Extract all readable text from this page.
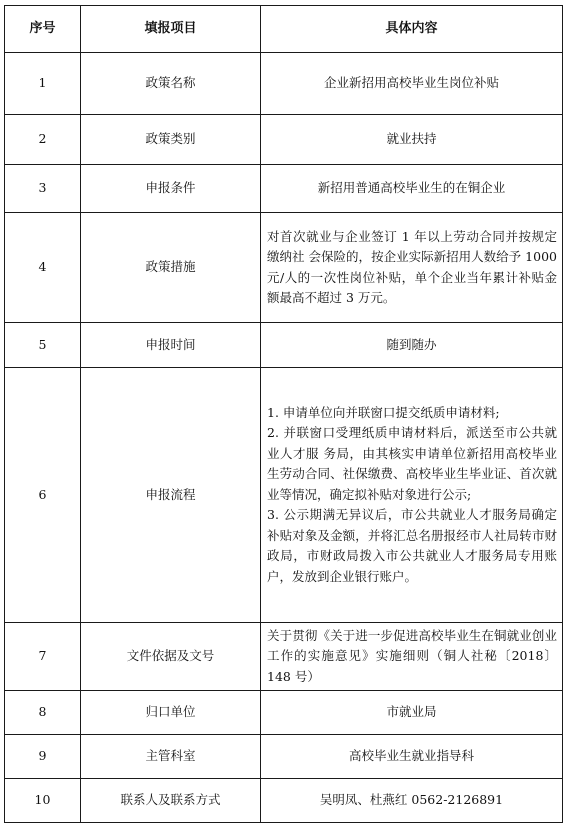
序号	填报项目	具体内容
1	政策名称	企业新招用高校毕业生岗位补贴
2	政策类别	就业扶持
3	申报条件	新招用普通高校毕业生的在铜企业
4	政策措施	对首次就业与企业签订 1 年以上劳动合同并按规定缴纳社 会保险的，按企业实际新招用人数给予 1000 元/人的一次性岗位补贴，单个企业当年累计补贴金额最高不超过 3 万元。
5	申报时间	随到随办
6	申报流程	1. 申请单位向并联窗口提交纸质申请材料;
2. 并联窗口受理纸质申请材料后，派送至市公共就业人才服 务局，由其核实申请单位新招用高校毕业生劳动合同、社保缴费、高校毕业生毕业证、首次就业等情况，确定拟补贴对象进行公示;
3. 公示期满无异议后，市公共就业人才服务局确定补贴对象及金额，并将汇总名册报经市人社局转市财政局，市财政局拨入市公共就业人才服务局专用账户，发放到企业银行账户。

7	文件依据及文号	关于贯彻《关于进一步促进高校毕业生在铜就业创业工作的实施意见》实施细则（铜人社秘〔2018〕148 号）
8	归口单位	市就业局
9	主管科室	高校毕业生就业指导科
10	联系人及联系方式	吴明凤、杜燕红 0562-2126891
